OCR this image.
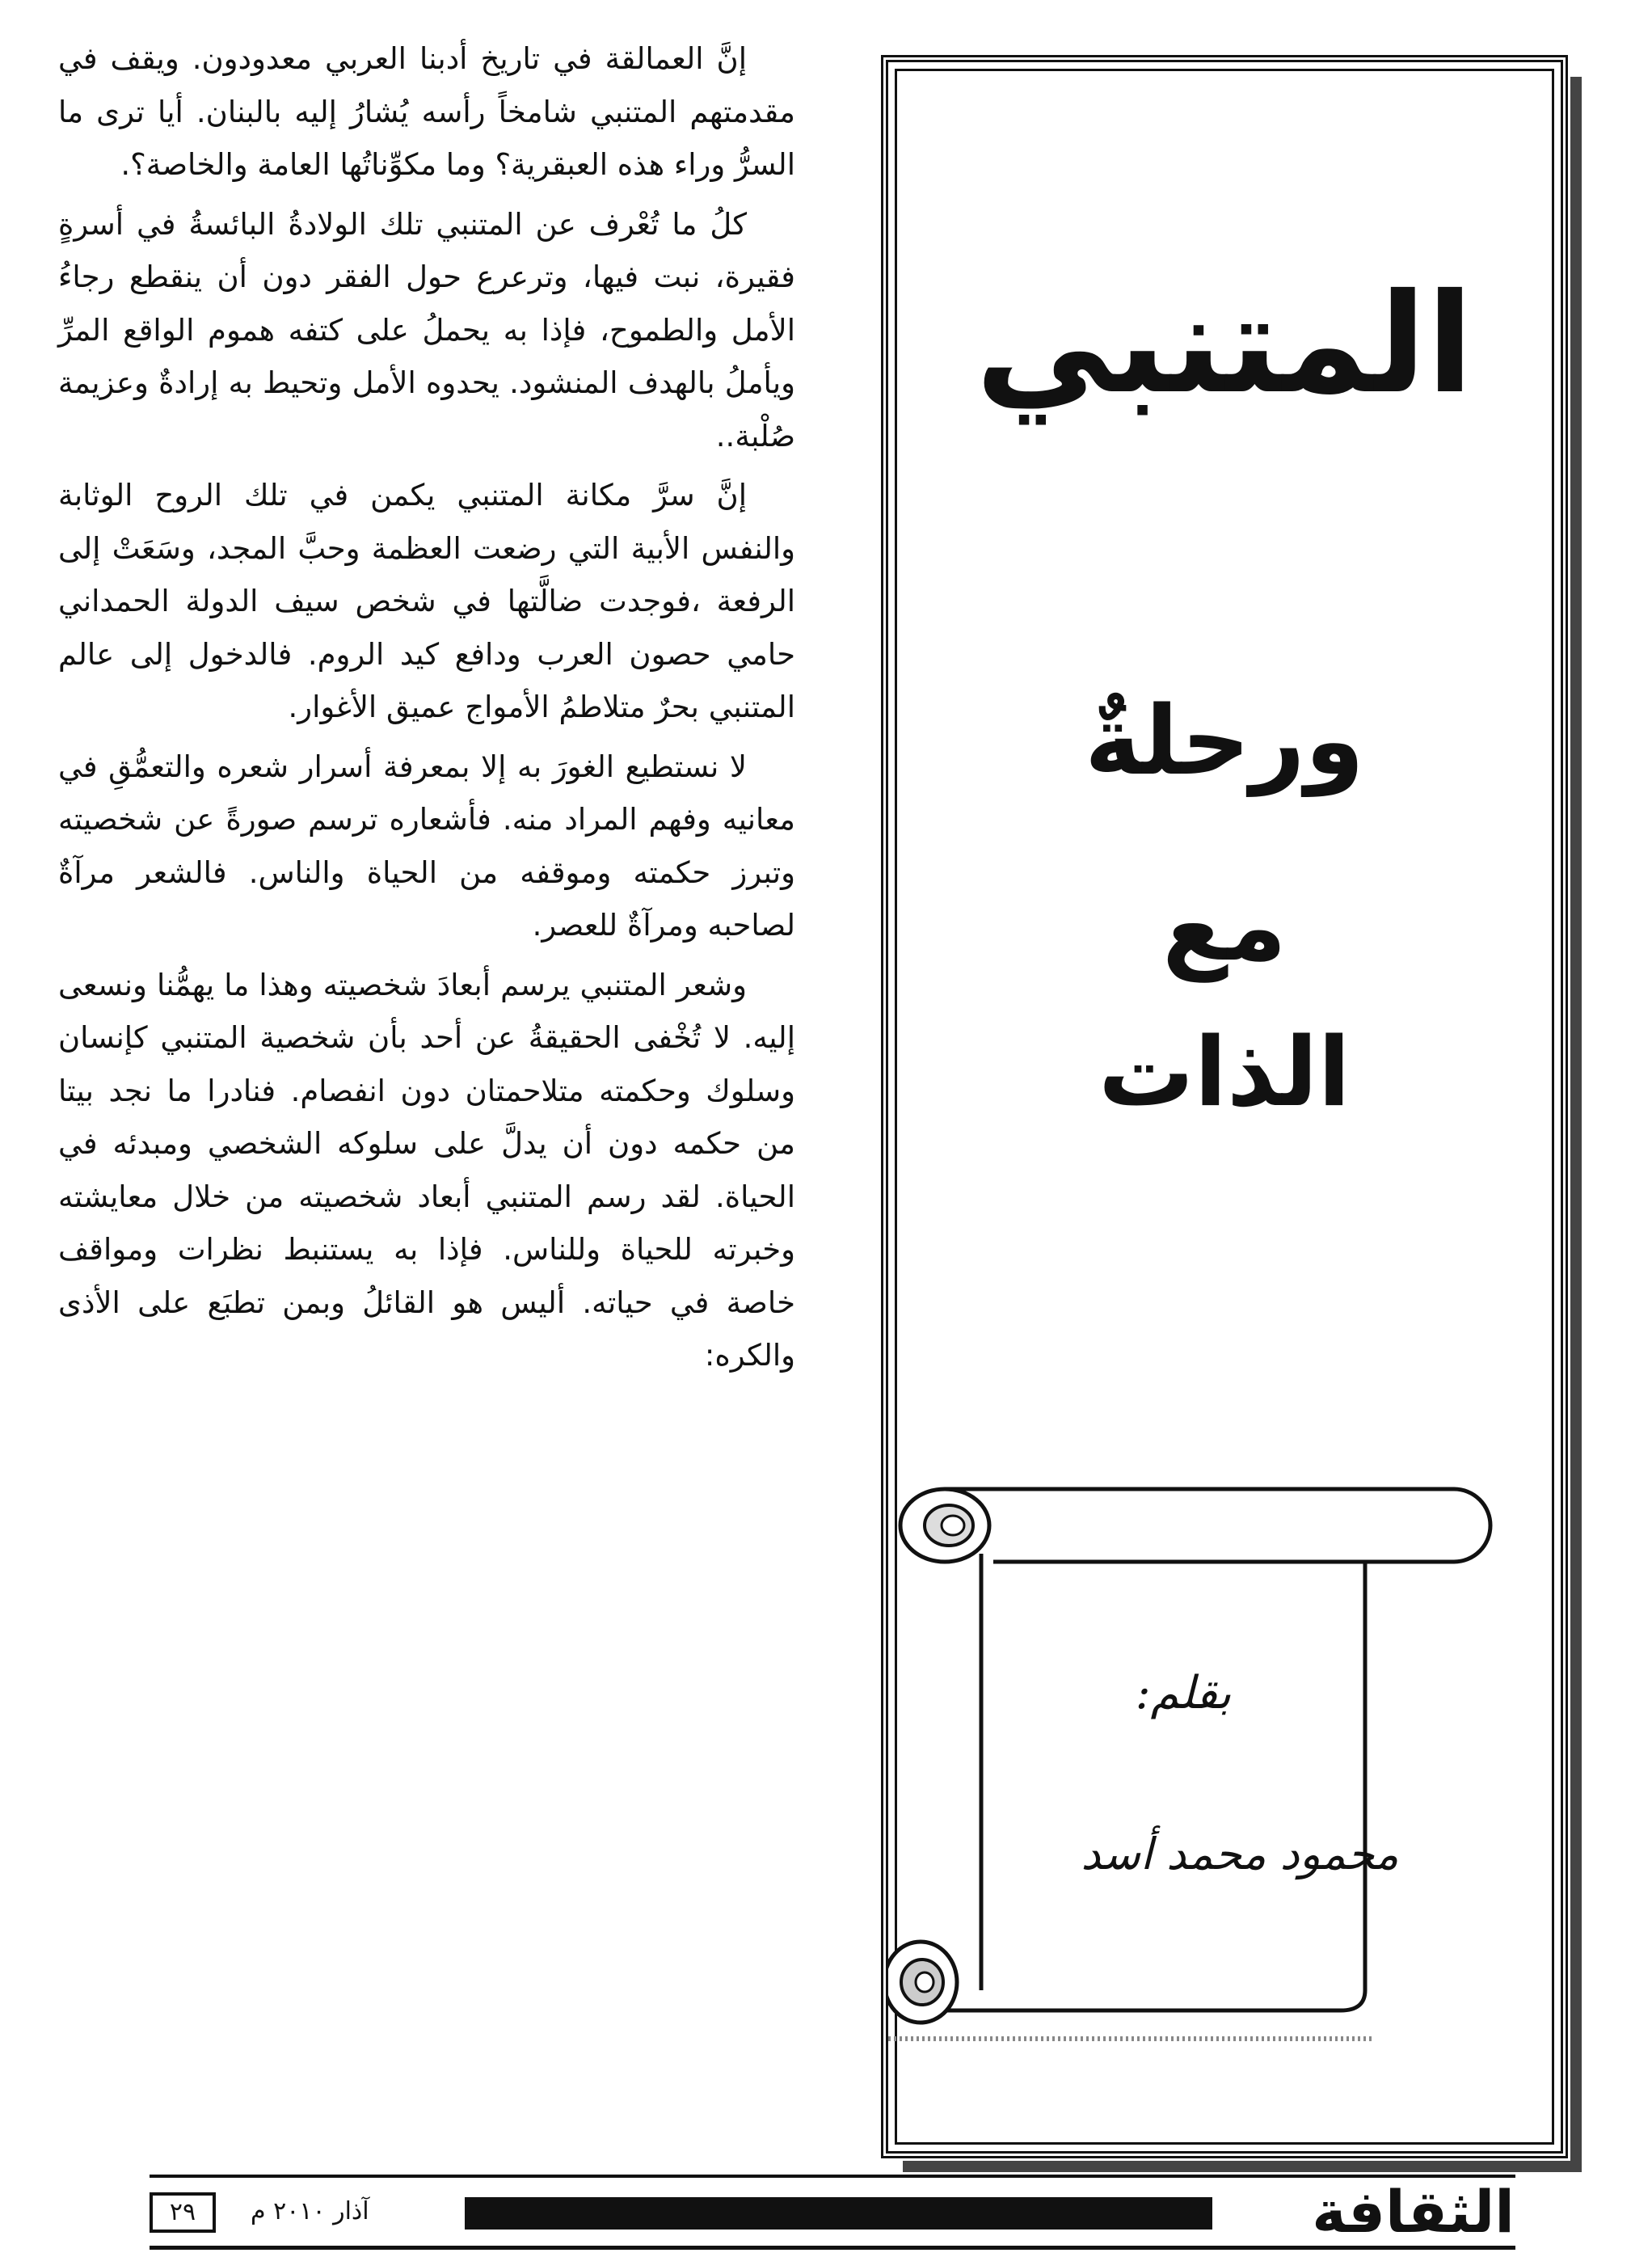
إنَّ العمالقة في تاريخ أدبنا العربي معدودون. ويقف في مقدمتهم المتنبي شامخاً رأسه يُشارُ إليه بالبنان. أيا ترى ما السرُّ وراء هذه العبقرية؟ وما مكوِّناتُها العامة والخاصة؟.

كلُ ما تُعْرف عن المتنبي تلك الولادةُ البائسةُ في أسرةٍ فقيرة، نبت فيها، وترعرع حول الفقر دون أن ينقطع رجاءُ الأمل والطموح، فإذا به يحملُ على كتفه هموم الواقع المرِّ ويأملُ بالهدف المنشود. يحدوه الأمل وتحيط به إرادةٌ وعزيمة صُلْبة..

إنَّ سرَّ مكانة المتنبي يكمن في تلك الروح الوثابة والنفس الأبية التي رضعت العظمة وحبَّ المجد، وسَعَتْ إلى الرفعة ،فوجدت ضالَّتها في شخص سيف الدولة الحمداني حامي حصون العرب ودافع كيد الروم. فالدخول إلى عالم المتنبي بحرٌ متلاطمُ الأمواج عميق الأغوار.

لا نستطيع الغورَ به إلا بمعرفة أسرار شعره والتعمُّقِ في معانيه وفهم المراد منه. فأشعاره ترسم صورةً عن شخصيته وتبرز حكمته وموقفه من الحياة والناس. فالشعر مرآةٌ لصاحبه ومرآةٌ للعصر.

وشعر المتنبي يرسم أبعادَ شخصيته وهذا ما يهمُّنا ونسعى إليه. لا تُخْفى الحقيقةُ عن أحد بأن شخصية المتنبي كإنسان وسلوك وحكمته متلاحمتان دون انفصام. فنادرا ما نجد بيتا من حكمه دون أن يدلَّ على سلوكه الشخصي ومبدئه في الحياة. لقد رسم المتنبي أبعاد شخصيته من خلال معايشته وخبرته للحياة وللناس. فإذا به يستنبط نظرات ومواقف خاصة في حياته. أليس هو القائلُ وبمن تطبَع على الأذى والكره:

المتنبي
ورحلةٌ
مع
الذات
بقلم:
محمود محمد أسد
الثقافة
آذار ٢٠١٠ م
٢٩
